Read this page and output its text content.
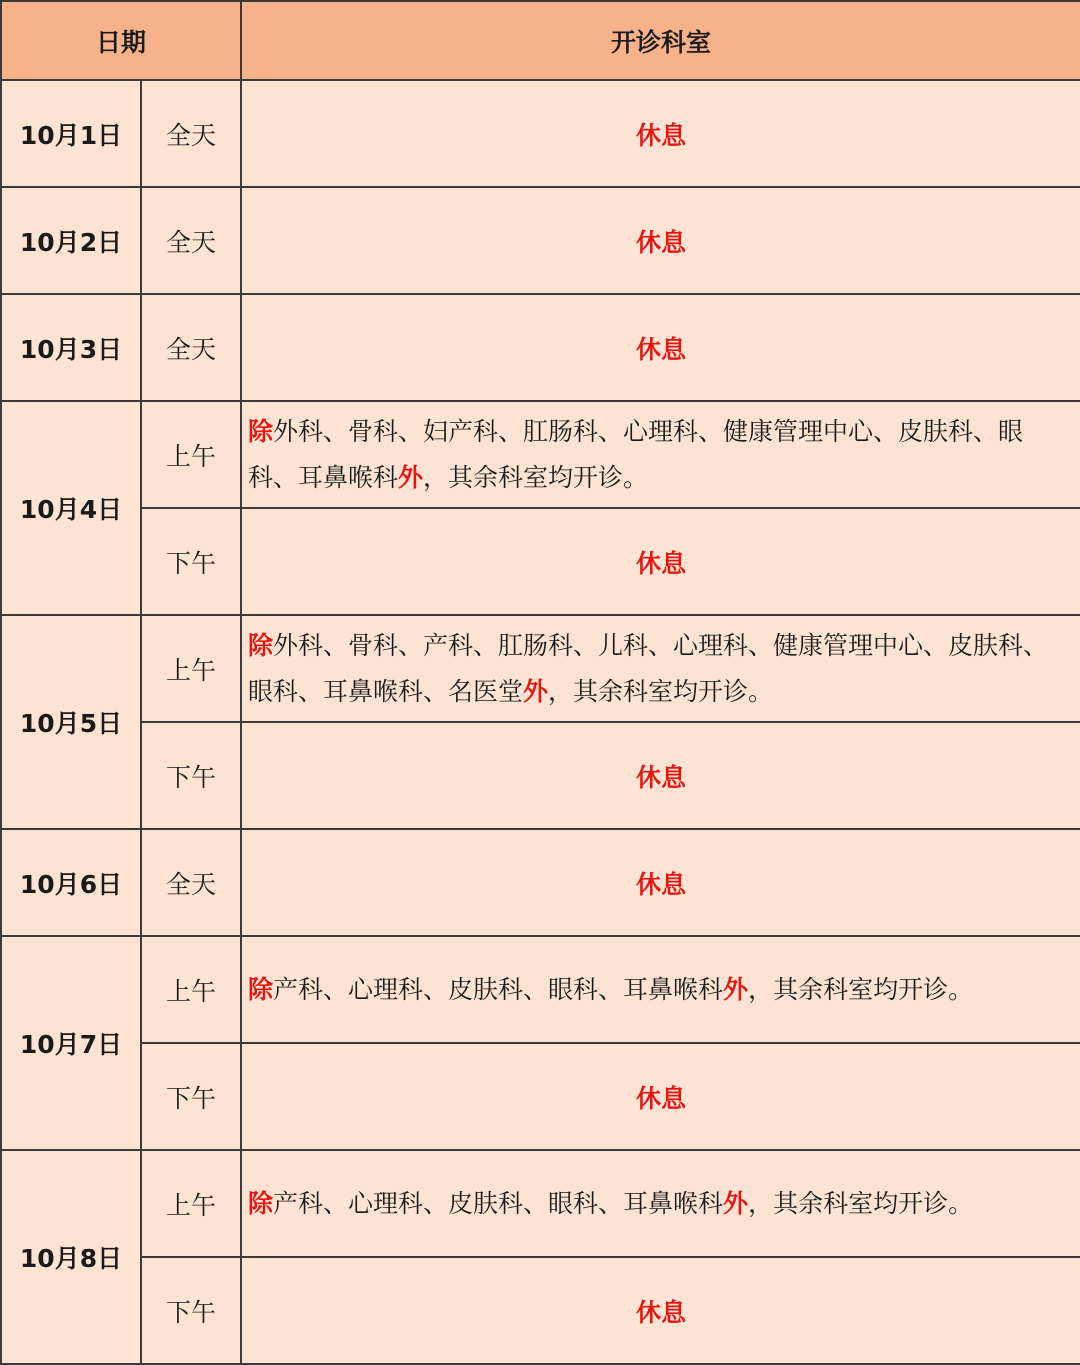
日期		开诊科室
10月1日	全天	休息
10月2日	全天	休息
10月3日	全天	休息
10月4日	上午	除外科、骨科、妇产科、肛肠科、心理科、健康管理中心、皮肤科、眼科、耳鼻喉科外，其余科室均开诊。
	下午	休息
10月5日	上午	除外科、骨科、产科、肛肠科、儿科、心理科、健康管理中心、皮肤科、眼科、耳鼻喉科、名医堂外，其余科室均开诊。
	下午	休息
10月6日	全天	休息
10月7日	上午	除产科、心理科、皮肤科、眼科、耳鼻喉科外，其余科室均开诊。
	下午	休息
10月8日	上午	除产科、心理科、皮肤科、眼科、耳鼻喉科外，其余科室均开诊。
	下午	休息
